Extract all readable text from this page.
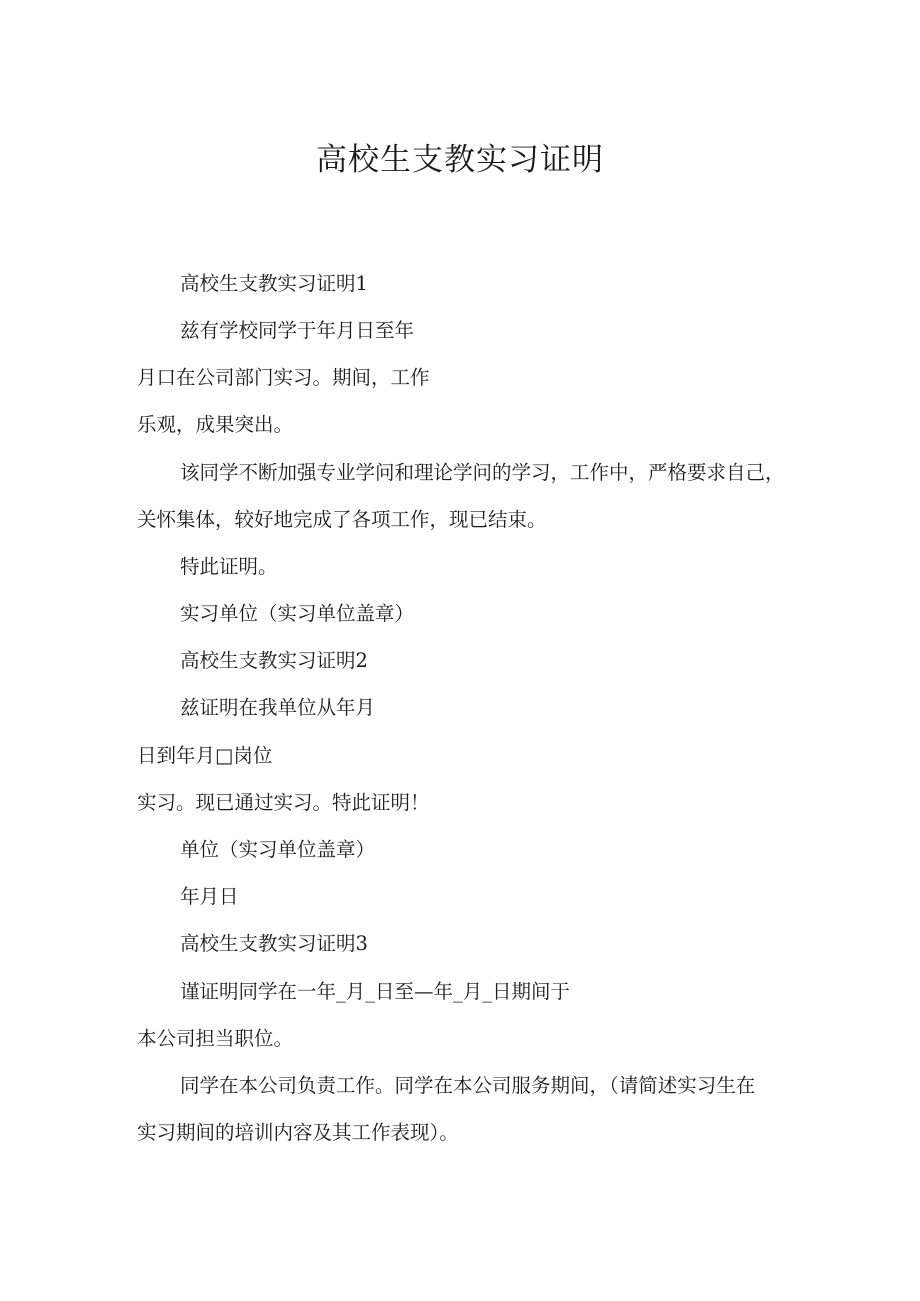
高校生支教实习证明
高校生支教实习证明1
兹有学校同学于年月日至年
月口在公司部门实习。期间，工作
乐观，成果突出。
该同学不断加强专业学问和理论学问的学习，工作中，严格要求自己，
关怀集体，较好地完成了各项工作，现已结束。
特此证明。
实习单位（实习单位盖章）
高校生支教实习证明2
兹证明在我单位从年月
日到年月□岗位
实习。现已通过实习。特此证明！
单位（实习单位盖章）
年月日
高校生支教实习证明3
谨证明同学在一年_月_日至—年_月_日期间于
本公司担当职位。
同学在本公司负责工作。同学在本公司服务期间，（请简述实习生在
实习期间的培训内容及其工作表现）。
